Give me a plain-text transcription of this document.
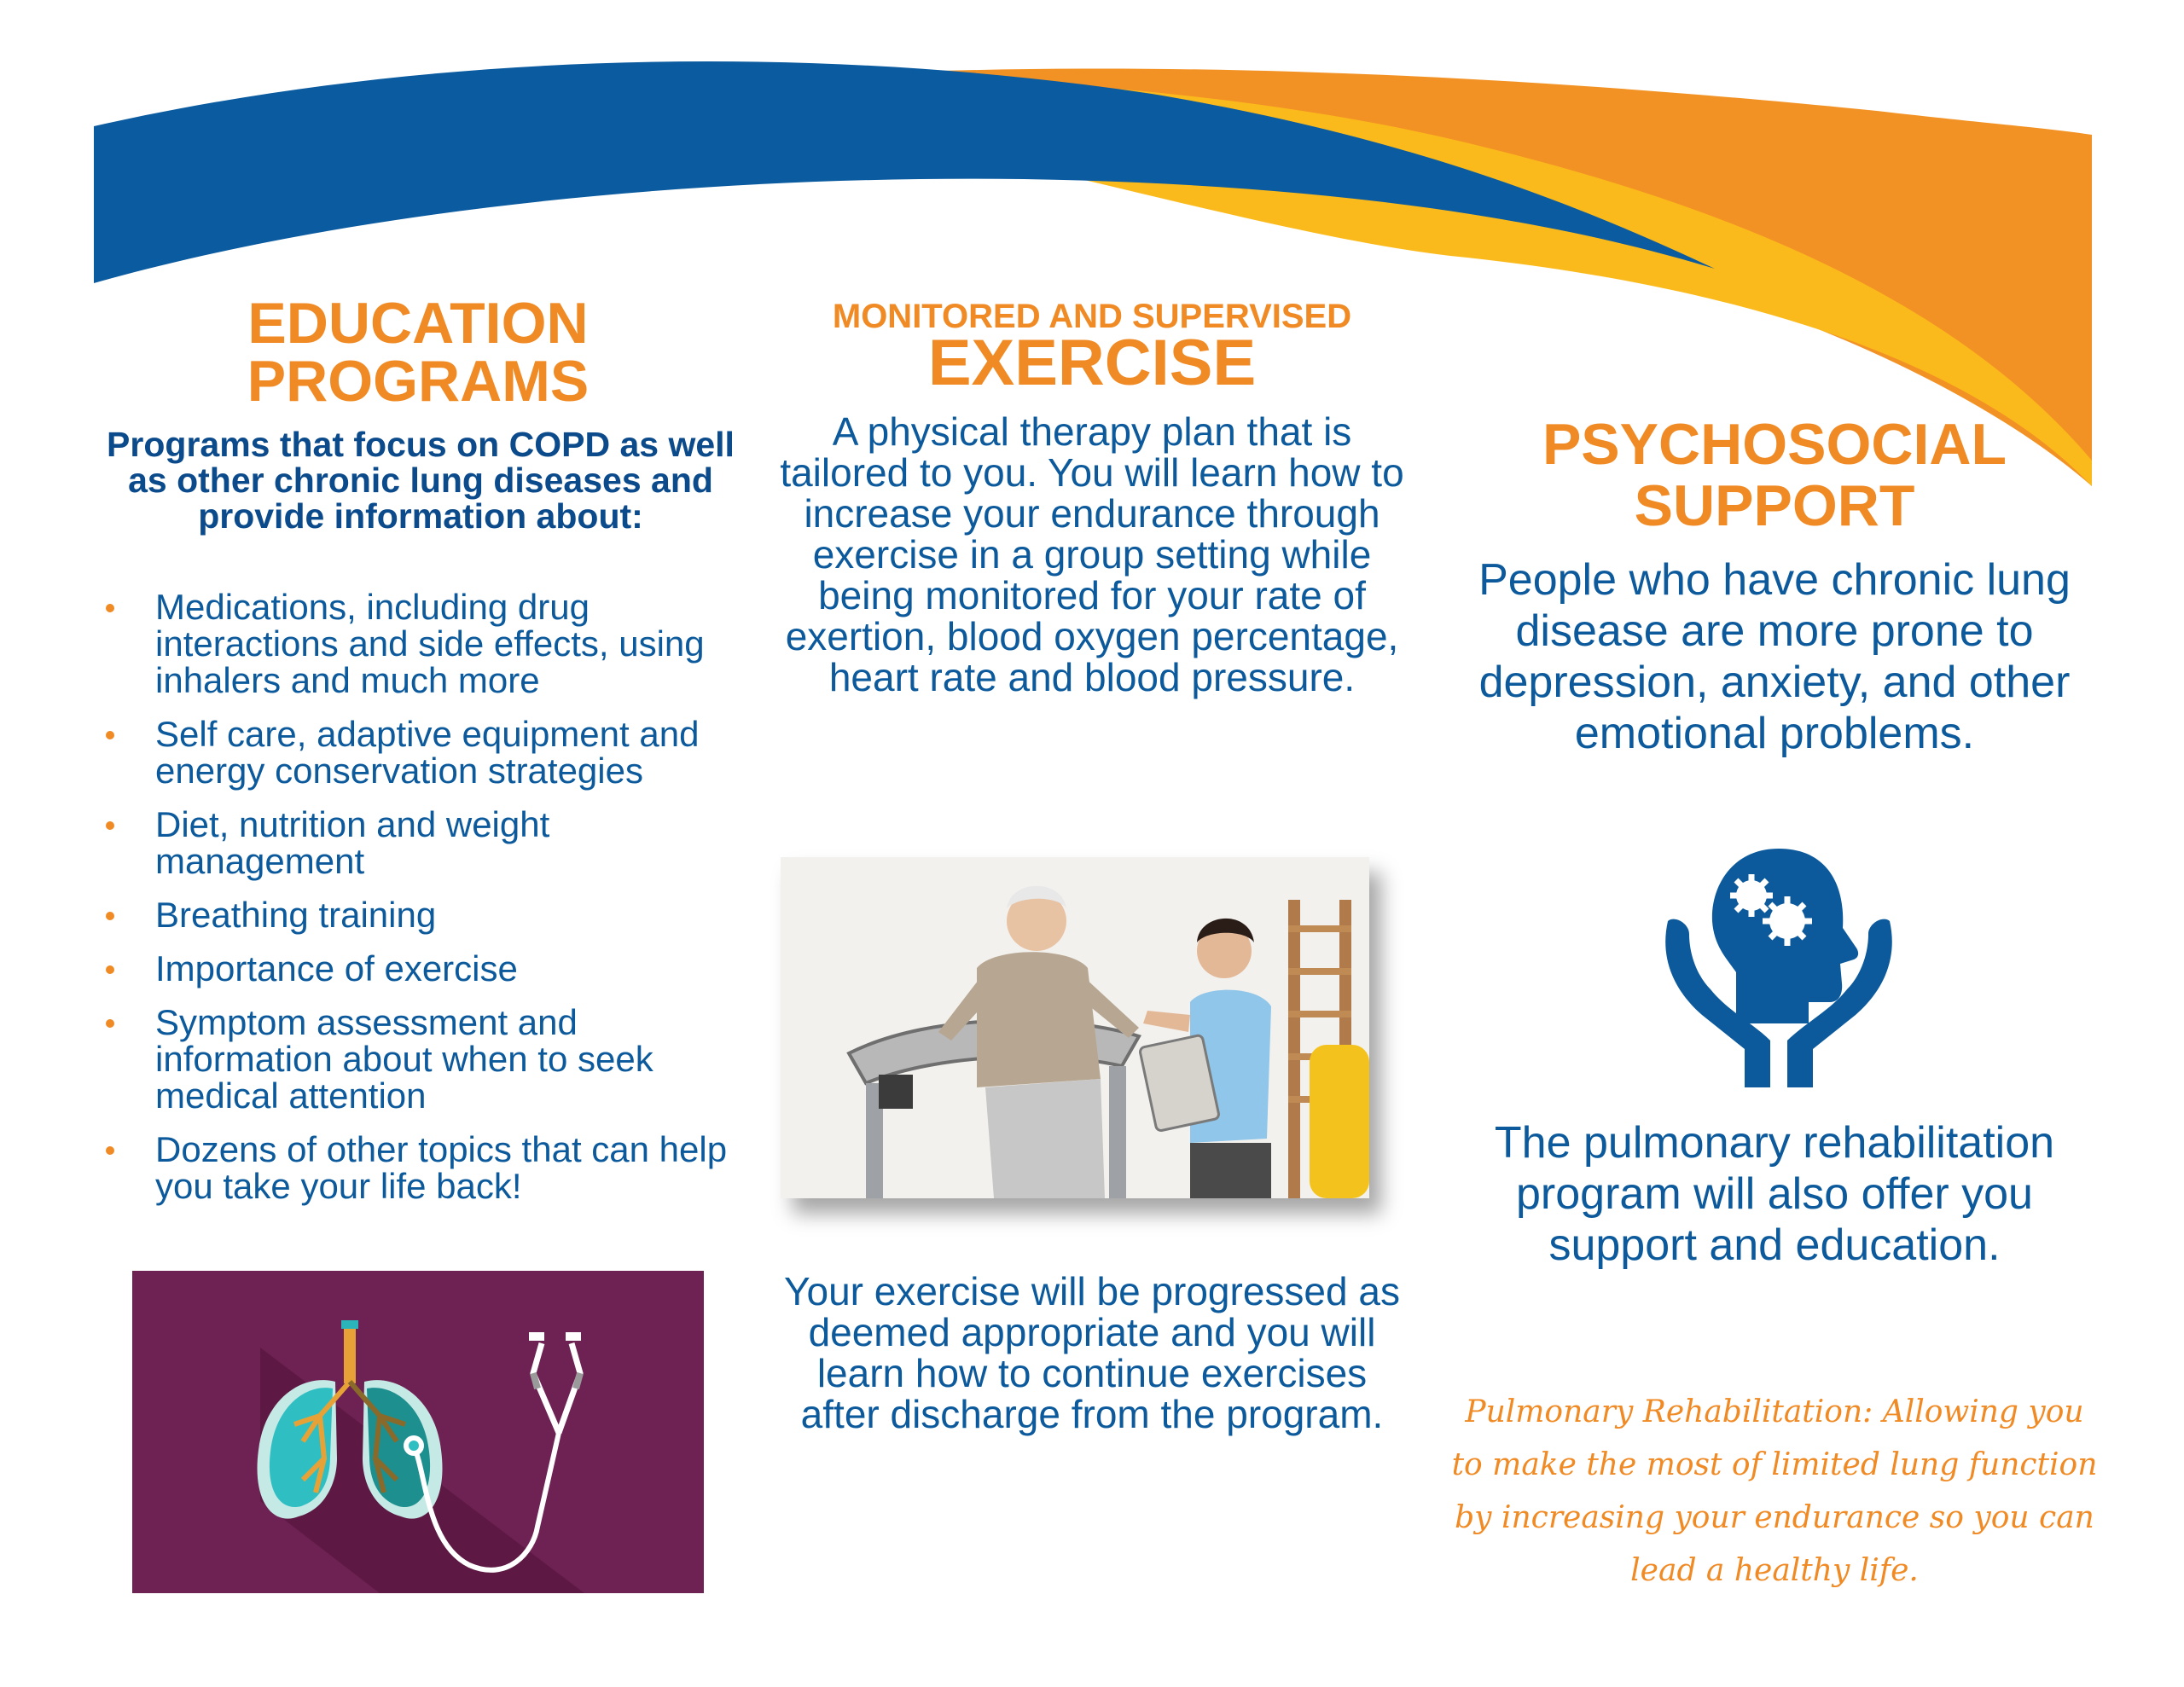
EDUCATION
PROGRAMS
Programs that focus on COPD as well as other chronic lung diseases and provide information about:
Medications, including drug interactions and side effects, using inhalers and much more
Self care, adaptive equipment and energy conservation strategies
Diet, nutrition and weight management
Breathing training
Importance of exercise
Symptom assessment and information about when to seek medical attention
Dozens of other topics that can help you take your life back!
MONITORED AND SUPERVISED
EXERCISE
A physical therapy plan that is tailored to you. You will learn how to increase your endurance through exercise in a group setting while being monitored for your rate of exertion, blood oxygen percentage, heart rate and blood pressure.
Your exercise will be progressed as deemed appropriate and you will learn how to continue exercises after discharge from the program.
PSYCHOSOCIAL
SUPPORT
People who have chronic lung disease are more prone to depression, anxiety, and other emotional problems.
The pulmonary rehabilitation program will also offer you support and education.
Pulmonary Rehabilitation: Allowing you to make the most of limited lung function by increasing your endurance so you can lead a healthy life.
